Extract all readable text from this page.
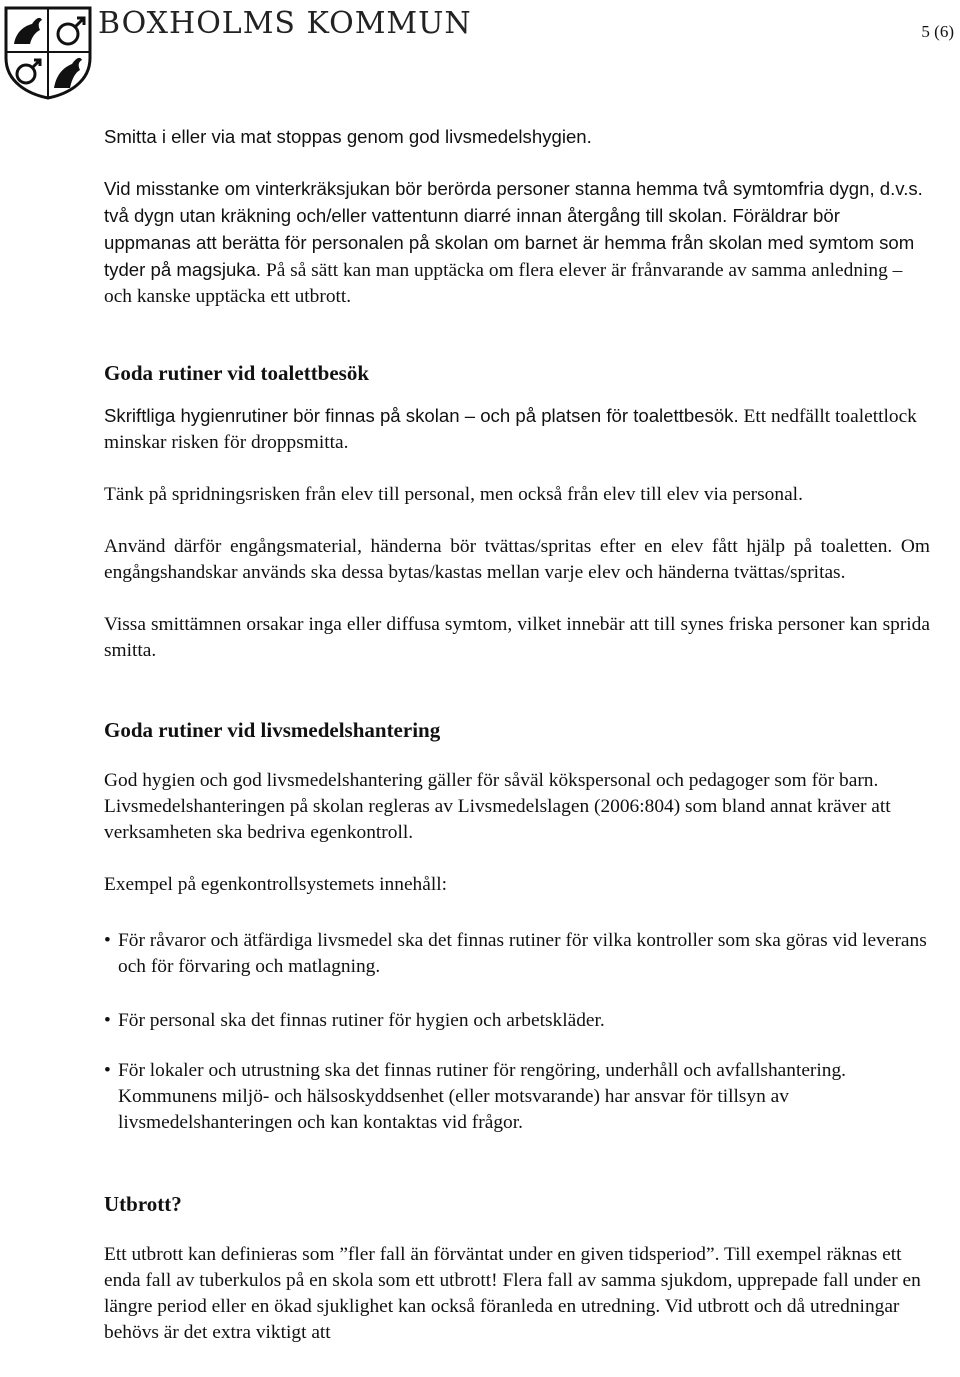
BOXHOLMS KOMMUN	5 (6)

Smitta i eller via mat stoppas genom god livsmedelshygien.

Vid misstanke om vinterkräksjukan bör berörda personer stanna hemma två symtomfria dygn, d.v.s. två dygn utan kräkning och/eller vattentunn diarré innan återgång till skolan. Föräldrar bör uppmanas att berätta för personalen på skolan om barnet är hemma från skolan med symtom som tyder på magsjuka. På så sätt kan man upptäcka om flera elever är frånvarande av samma anledning – och kanske upptäcka ett utbrott.

Goda rutiner vid toalettbesök

Skriftliga hygienrutiner bör finnas på skolan – och på platsen för toalettbesök. Ett nedfällt toalettlock minskar risken för droppsmitta.

Tänk på spridningsrisken från elev till personal, men också från elev till elev via personal.

Använd därför engångsmaterial, händerna bör tvättas/spritas efter en elev fått hjälp på toaletten. Om engångshandskar används ska dessa bytas/kastas mellan varje elev och händerna tvättas/spritas.

Vissa smittämnen orsakar inga eller diffusa symtom, vilket innebär att till synes friska personer kan sprida smitta.

Goda rutiner vid livsmedelshantering

God hygien och god livsmedelshantering gäller för såväl kökspersonal och pedagoger som för barn. Livsmedelshanteringen på skolan regleras av Livsmedelslagen (2006:804) som bland annat kräver att verksamheten ska bedriva egenkontroll.

Exempel på egenkontrollsystemets innehåll:

• För råvaror och ätfärdiga livsmedel ska det finnas rutiner för vilka kontroller som ska göras vid leverans och för förvaring och matlagning.
• För personal ska det finnas rutiner för hygien och arbetskläder.
• För lokaler och utrustning ska det finnas rutiner för rengöring, underhåll och avfallshantering. Kommunens miljö- och hälsoskyddsenhet (eller motsvarande) har ansvar för tillsyn av livsmedelshanteringen och kan kontaktas vid frågor.
Utbrott?

Ett utbrott kan definieras som ”fler fall än förväntat under en given tidsperiod”. Till exempel räknas ett enda fall av tuberkulos på en skola som ett utbrott! Flera fall av samma sjukdom, upprepade fall under en längre period eller en ökad sjuklighet kan också föranleda en utredning. Vid utbrott och då utredningar behövs är det extra viktigt att
